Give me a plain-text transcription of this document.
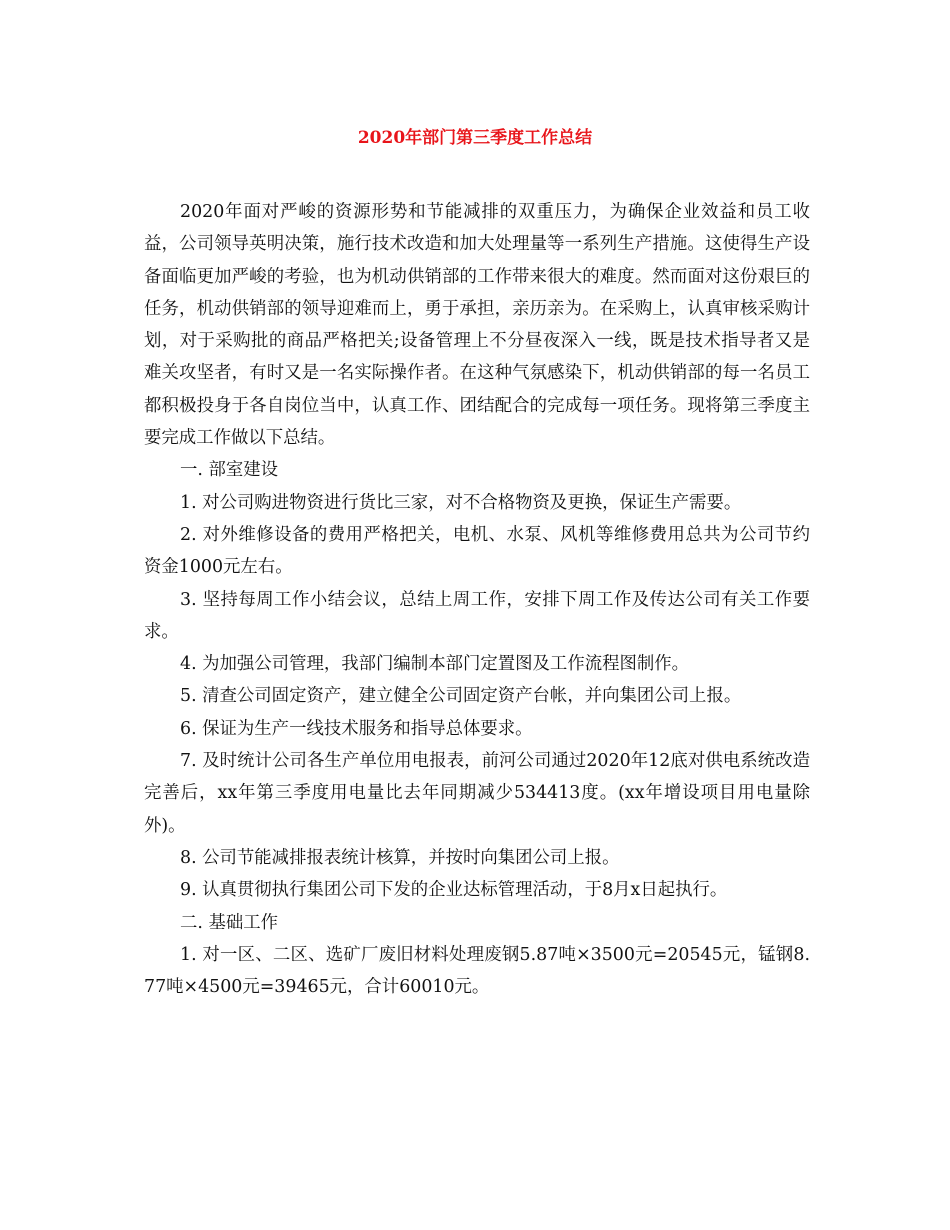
2020年部门第三季度工作总结

2020年面对严峻的资源形势和节能减排的双重压力，为确保企业效益和员工收益，公司领导英明决策，施行技术改造和加大处理量等一系列生产措施。这使得生产设备面临更加严峻的考验，也为机动供销部的工作带来很大的难度。然而面对这份艰巨的任务，机动供销部的领导迎难而上，勇于承担，亲历亲为。在采购上，认真审核采购计划，对于采购批的商品严格把关;设备管理上不分昼夜深入一线，既是技术指导者又是难关攻坚者，有时又是一名实际操作者。在这种气氛感染下，机动供销部的每一名员工都积极投身于各自岗位当中，认真工作、团结配合的完成每一项任务。现将第三季度主要完成工作做以下总结。

一. 部室建设

1. 对公司购进物资进行货比三家，对不合格物资及更换，保证生产需要。

2. 对外维修设备的费用严格把关，电机、水泵、风机等维修费用总共为公司节约资金1000元左右。

3. 坚持每周工作小结会议，总结上周工作，安排下周工作及传达公司有关工作要求。

4. 为加强公司管理，我部门编制本部门定置图及工作流程图制作。

5. 清查公司固定资产，建立健全公司固定资产台帐，并向集团公司上报。

6. 保证为生产一线技术服务和指导总体要求。

7. 及时统计公司各生产单位用电报表，前河公司通过2020年12底对供电系统改造完善后，xx年第三季度用电量比去年同期减少534413度。(xx年增设项目用电量除外)。

8. 公司节能减排报表统计核算，并按时向集团公司上报。

9. 认真贯彻执行集团公司下发的企业达标管理活动，于8月x日起执行。

二. 基础工作

1. 对一区、二区、选矿厂废旧材料处理废钢5.87吨×3500元=20545元，锰钢8.77吨×4500元=39465元，合计60010元。
